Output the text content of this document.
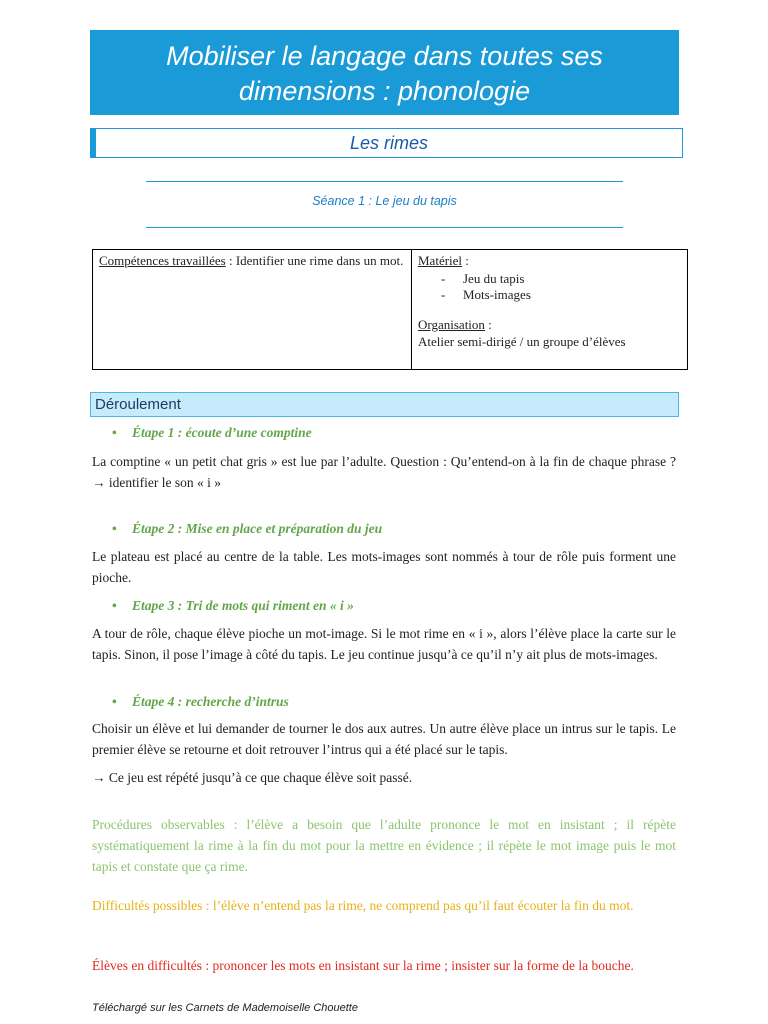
Mobiliser le langage dans toutes ses
dimensions : phonologie
Les rimes
Séance 1 : Le jeu du tapis
Compétences travaillées : Identifier une rime dans un mot.	Matériel :
- Jeu du tapis
- Mots-images
Organisation :
Atelier semi-dirigé / un groupe d’élèves
Déroulement
• Étape 1 : écoute d’une comptine
La comptine « un petit chat gris » est lue par l’adulte. Question : Qu’entend-on à la fin de chaque phrase ? → identifier le son « i »
• Étape 2 : Mise en place et préparation du jeu
Le plateau est placé au centre de la table. Les mots-images sont nommés à tour de rôle puis forment une pioche.
• Etape 3 : Tri de mots qui riment en « i »
A tour de rôle, chaque élève pioche un mot-image. Si le mot rime en « i », alors l’élève place la carte sur le tapis. Sinon, il pose l’image à côté du tapis. Le jeu continue jusqu’à ce qu’il n’y ait plus de mots-images.
• Étape 4 : recherche d’intrus
Choisir un élève et lui demander de tourner le dos aux autres. Un autre élève place un intrus sur le tapis. Le premier élève se retourne et doit retrouver l’intrus qui a été placé sur le tapis.
→ Ce jeu est répété jusqu’à ce que chaque élève soit passé.
Procédures observables : l’élève a besoin que l’adulte prononce le mot en insistant ; il répète systématiquement la rime à la fin du mot pour la mettre en évidence ; il répète le mot image puis le mot tapis et constate que ça rime.
Difficultés possibles : l’élève n’entend pas la rime, ne comprend pas qu’il faut écouter la fin du mot.
Élèves en difficultés : prononcer les mots en insistant sur la rime ; insister sur la forme de la bouche.
Téléchargé sur les Carnets de Mademoiselle Chouette
